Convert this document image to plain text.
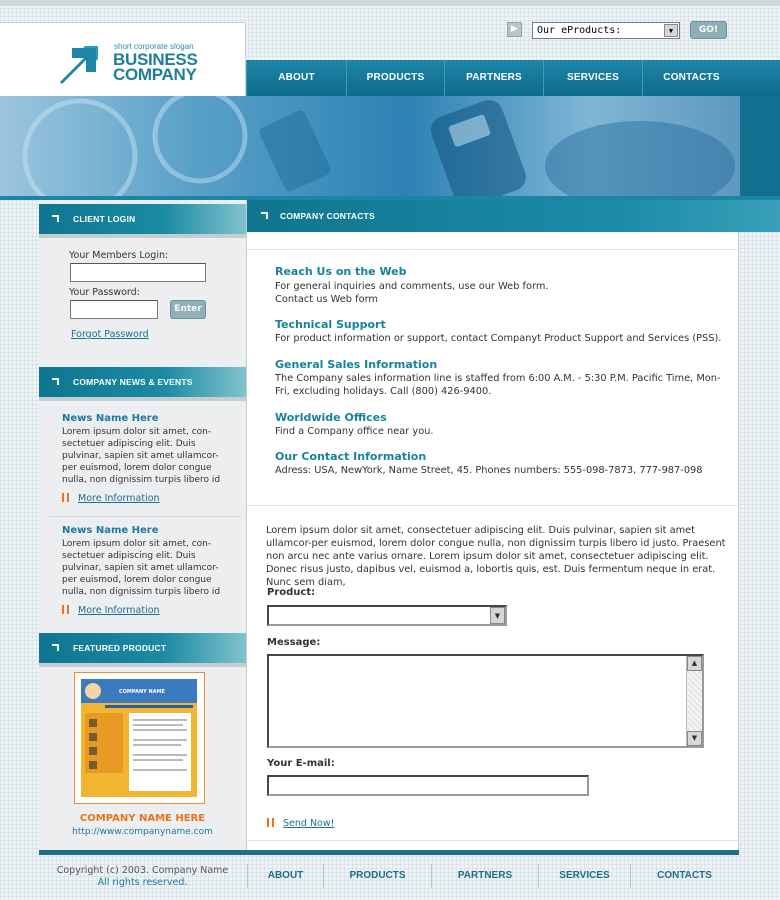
short corporate slogan
BUSINESS
COMPANY
▶	Our eProducts:	▼	GO!
ABOUT	PRODUCTS	PARTNERS	SERVICES	CONTACTS
CLIENT LOGIN
Your Members Login:
Your Password:
Enter
Forgot Password
COMPANY NEWS & EVENTS
News Name Here
Lorem ipsum dolor sit amet, con-sectetuer adipiscing elit. Duis pulvinar, sapien sit amet ullamcor-per euismod, lorem dolor congue nulla, non dignissim turpis libero id
More Information
News Name Here
Lorem ipsum dolor sit amet, con-sectetuer adipiscing elit. Duis pulvinar, sapien sit amet ullamcor-per euismod, lorem dolor congue nulla, non dignissim turpis libero id
More Information
FEATURED PRODUCT
COMPANY NAME
COMPANY NAME HERE
http://www.companyname.com
COMPANY CONTACTS
Reach Us on the Web
For general inquiries and comments, use our Web form.
Contact us Web form
Technical Support
For product information or support, contact Companyt Product Support and Services (PSS).
General Sales Information
The Company sales information line is staffed from 6:00 A.M. - 5:30 P.M. Pacific Time, Mon-
Fri, excluding holidays. Call (800) 426-9400.
Worldwide Offices
Find a Company office near you.
Our Contact Information
Adress: USA, NewYork, Name Street, 45. Phones numbers: 555-098-7873, 777-987-098
Lorem ipsum dolor sit amet, consectetuer adipiscing elit. Duis pulvinar, sapien sit amet ullamcor-per euismod, lorem dolor congue nulla, non dignissim turpis libero id justo. Praesent non arcu nec ante varius ornare. Lorem ipsum dolor sit amet, consectetuer adipiscing elit. Donec risus justo, dapibus vel, euismod a, lobortis quis, est. Duis fermentum neque in erat. Nunc sem diam,
Product:
▼
Message:
▲
▼
Your E-mail:
Send Now!
Copyright (c) 2003. Company Name
All rights reserved.
ABOUT	PRODUCTS	PARTNERS	SERVICES	CONTACTS
